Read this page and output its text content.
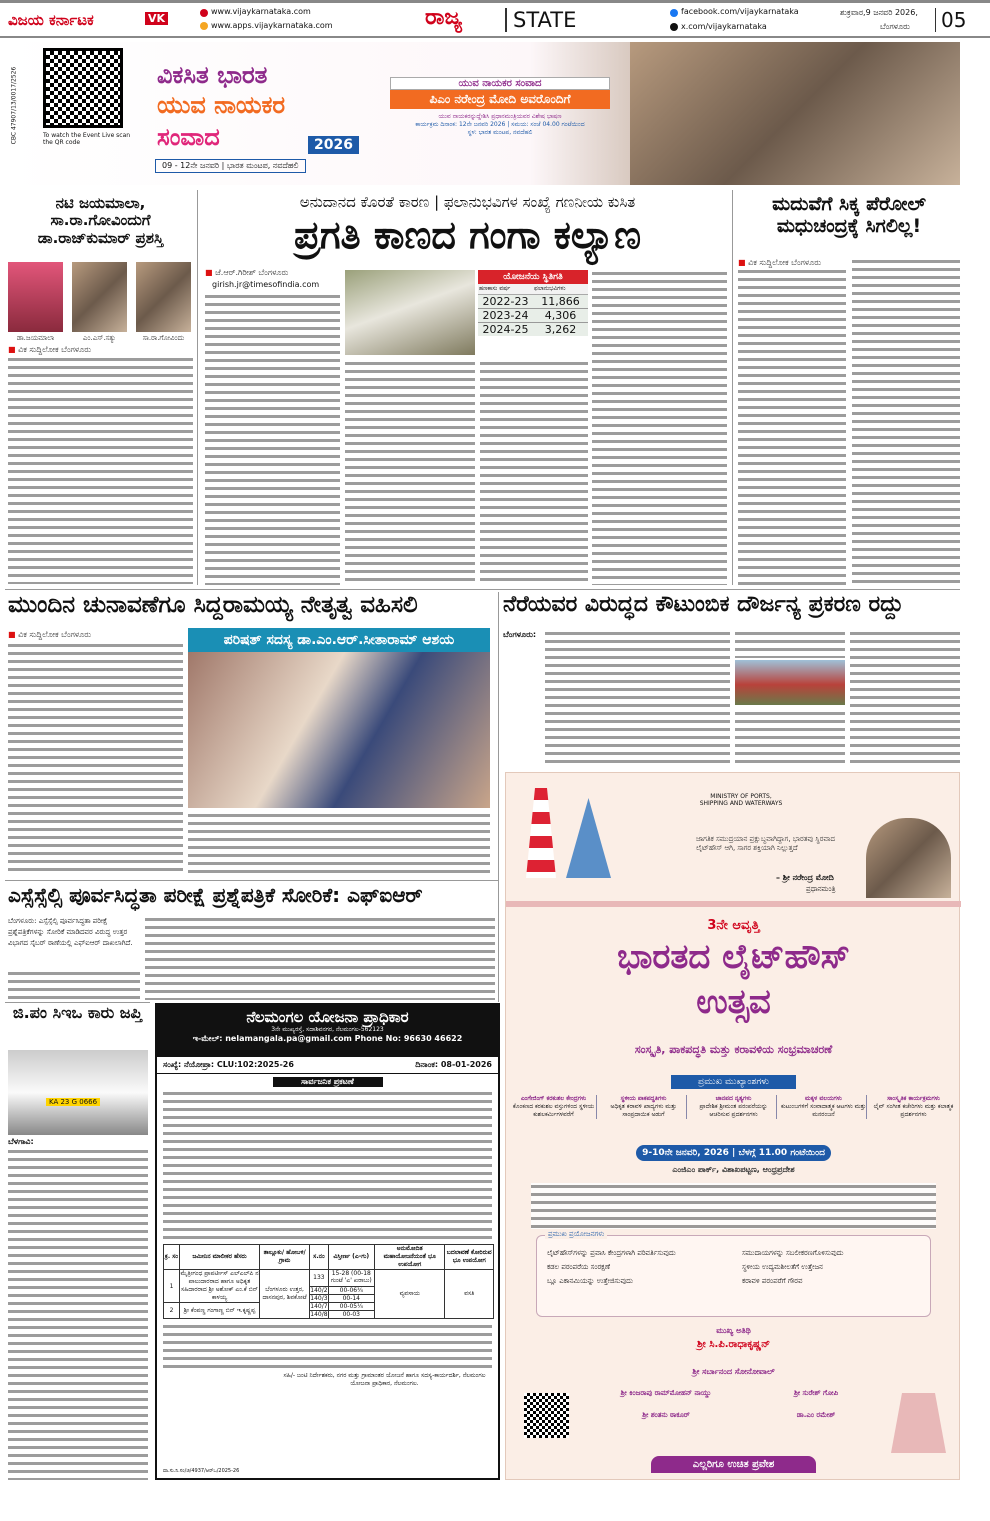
ವಿಜಯ ಕರ್ನಾಟಕ	VK
www.vijaykarnataka.com
www.apps.vijaykarnataka.com	ರಾಜ್ಯ	STATE	facebook.com/vijaykarnataka
x.com/vijaykarnataka
ಶುಕ್ರವಾರ,9 ಜನವರಿ 2026,
ಬೆಂಗಳೂರು	05
To watch the Event Live scan the QR code
CBC 47907/13/0017/2526	ವಿಕಸಿತ ಭಾರತ
ಯುವ ನಾಯಕರ
ಸಂವಾದ	2026
09 - 12ನೇ ಜನವರಿ | ಭಾರತ ಮಂಟಪ, ನವದೆಹಲಿ
ಯುವ ನಾಯಕರ ಸಂವಾದ
ಪಿಎಂ ನರೇಂದ್ರ ಮೋದಿ ಅವರೊಂದಿಗೆ
ಯುವ ನಾಯಕರನ್ನುದ್ದೇಶಿಸಿ ಪ್ರಧಾನಮಂತ್ರಿಯವರ ವಿಶೇಷ ಭಾಷಣ
ಕಾರ್ಯಕ್ರಮ ದಿನಾಂಕ: 12ನೇ ಜನವರಿ 2026 | ಸಮಯ: ಸಂಜೆ 04.00 ಗಂಟೆಯಿಂದ
ಸ್ಥಳ: ಭಾರತ ಮಂಟಪ, ನವದೆಹಲಿ
ನಟಿ ಜಯಮಾಲಾ, ಸಾ.ರಾ.ಗೋವಿಂದುಗೆ ಡಾ.ರಾಜ್‌ಕುಮಾರ್ ಪ್ರಶಸ್ತಿ
ಡಾ.ಜಯಮಾಲಾ	ಎಂ.ಎಸ್.ಸತ್ಯು	ಸಾ.ರಾ.ಗೋವಿಂದು
■ ವಿಕ ಸುದ್ದಿಲೋಕ ಬೆಂಗಳೂರು
ಅನುದಾನದ ಕೊರತೆ ಕಾರಣ | ಫಲಾನುಭವಿಗಳ ಸಂಖ್ಯೆ ಗಣನೀಯ ಕುಸಿತ
ಪ್ರಗತಿ ಕಾಣದ ಗಂಗಾ ಕಲ್ಯಾಣ
■ ಜೆ.ಆರ್.ಗಿರೀಶ್ ಬೆಂಗಳೂರು
girish.jr@timesofindia.com
ಯೋಜನೆಯ ಸ್ಥಿತಿಗತಿ
ಹಣಕಾಸು ವರ್ಷ	ಫಲಾನುಭವಿಗಳು
2022-23	11,866
2023-24	4,306
2024-25	3,262
ಮದುವೆಗೆ ಸಿಕ್ಕ ಪೆರೋಲ್ ಮಧುಚಂದ್ರಕ್ಕೆ ಸಿಗಲಿಲ್ಲ!
■ ವಿಕ ಸುದ್ದಿಲೋಕ ಬೆಂಗಳೂರು
ಮುಂದಿನ ಚುನಾವಣೆಗೂ ಸಿದ್ದರಾಮಯ್ಯ ನೇತೃತ್ವ ವಹಿಸಲಿ
■ ವಿಕ ಸುದ್ದಿಲೋಕ ಬೆಂಗಳೂರು	ಪರಿಷತ್ ಸದಸ್ಯ ಡಾ.ಎಂ.ಆರ್.ಸೀತಾರಾಮ್ ಆಶಯ
ನೆರೆಯವರ ವಿರುದ್ಧದ ಕೌಟುಂಬಿಕ ದೌರ್ಜನ್ಯ ಪ್ರಕರಣ ರದ್ದು
ಬೆಂಗಳೂರು:
MINISTRY OF PORTS, SHIPPING AND WATERWAYS
ಜಾಗತಿಕ ಸಮುದ್ರಯಾನ ಪ್ರಕ್ಷುಬ್ಧವಾಗಿದ್ದಾಗ, ಭಾರತವು ಸ್ಥಿರವಾದ ಲೈಟ್‌ಹೌಸ್ ಆಗಿ, ಸಾಗರ ಶಕ್ತಿಯಾಗಿ ನಿಲ್ಲುತ್ತದೆ
– ಶ್ರೀ ನರೇಂದ್ರ ಮೋದಿ
ಪ್ರಧಾನಮಂತ್ರಿ
3ನೇ ಆವೃತ್ತಿ
ಭಾರತದ ಲೈಟ್‌ಹೌಸ್
ಉತ್ಸವ
ಸಂಸ್ಕೃತಿ, ಪಾಕಪದ್ಧತಿ ಮತ್ತು ಕರಾವಳಿಯ ಸಂಭ್ರಮಾಚರಣೆ
ಪ್ರಮುಖ ಮುಖ್ಯಾಂಶಗಳು
ಎಂಗೇಜಿಂಗ್ ಕರಕುಶಲ ಕೇಂದ್ರಗಳು
ಕೊಂಕಣದ ಕರಕುಶಲ ವಸ್ತುಗಳಿಂದ ಸ್ಥಳೀಯ ಕುಶಲಕರ್ಮಿಗಳವರೆಗೆ
ಸ್ಥಳೀಯ ಪಾಕಪದ್ಧತಿಗಳು
ಅಧಿಕೃತ ಕರಾವಳಿ ಖಾದ್ಯಗಳು ಮತ್ತು ಸಾಂಪ್ರದಾಯಿಕ ಅಡುಗೆ
ಜಾನಪದ ನೃತ್ಯಗಳು
ಪ್ರಾದೇಶಿಕ ಶ್ರೀಮಂತ ಪರಂಪರೆಯನ್ನು ಆಚರಿಸುವ ಪ್ರದರ್ಶನಗಳು
ಮಕ್ಕಳ ವಲಯಗಳು
ಕುಟುಂಬಗಳಿಗೆ ಸಂವಾದಾತ್ಮಕ ಆಟಗಳು ಮತ್ತು ಮನರಂಜನೆ
ಸಾಂಸ್ಕೃತಿಕ ಕಾರ್ಯಕ್ರಮಗಳು
ಲೈವ್ ಸಂಗೀತ ಕಚೇರಿಗಳು ಮತ್ತು ಕಲಾತ್ಮಕ ಪ್ರದರ್ಶನಗಳು
9-10ನೇ ಜನವರಿ, 2026 | ಬೆಳಗ್ಗೆ 11.00 ಗಂಟೆಯಿಂದ
ಎಂಜಿಎಂ ಪಾರ್ಕ್, ವಿಶಾಖಪಟ್ಟಣ, ಆಂಧ್ರಪ್ರದೇಶ
ಪ್ರಮುಖ ಪ್ರಯೋಜನಗಳು
ಲೈಟ್‌ಹೌಸ್‌ಗಳನ್ನು ಪ್ರವಾಸಿ ಕೇಂದ್ರಗಳಾಗಿ ಪರಿವರ್ತಿಸುವುದು
ಕಡಲ ಪರಂಪರೆಯ ಸಂರಕ್ಷಣೆ
ಬ್ಲೂ ಎಕಾನಮಿಯನ್ನು ಉತ್ತೇಜಿಸುವುದು
ಸಮುದಾಯಗಳನ್ನು ಸಬಲೀಕರಣಗೊಳಿಸುವುದು
ಸ್ಥಳೀಯ ಉದ್ಯಮಶೀಲತೆಗೆ ಉತ್ತೇಜನ
ಕರಾವಳಿ ಪರಂಪರೆಗೆ ಗೌರವ
ಮುಖ್ಯ ಅತಿಥಿ
ಶ್ರೀ ಸಿ.ಪಿ.ರಾಧಾಕೃಷ್ಣನ್
ಶ್ರೀ ಸರ್ಬಾನಂದ ಸೋನೋವಾಲ್
ಶ್ರೀ ಕಿಂಜರಾಪು ರಾಮ್‌ಮೋಹನ್ ನಾಯ್ಡು	ಶ್ರೀ ಸುರೇಶ್ ಗೋಪಿ
ಶ್ರೀ ಶಂತನು ಠಾಕೂರ್	ಡಾ.ಎಂ ರಮೇಶ್
ಎಲ್ಲರಿಗೂ ಉಚಿತ ಪ್ರವೇಶ
ಎಸ್ಸೆಸ್ಸೆಲ್ಸಿ ಪೂರ್ವಸಿದ್ಧತಾ ಪರೀಕ್ಷೆ ಪ್ರಶ್ನೆಪತ್ರಿಕೆ ಸೋರಿಕೆ: ಎಫ್‌ಐಆರ್
ಬೆಂಗಳೂರು: ಎಸ್ಸೆಸ್ಸೆಲ್ಸಿ ಪೂರ್ವಸಿದ್ಧತಾ ಪರೀಕ್ಷೆ ಪ್ರಶ್ನೆಪತ್ರಿಕೆಗಳನ್ನು ಸೋರಿಕೆ ಮಾಡಿದವರ ವಿರುದ್ಧ ಉತ್ತರ ವಿಭಾಗದ ಸೈಬರ್ ಠಾಣೆಯಲ್ಲಿ ಎಫ್‌ಐಆರ್ ದಾಖಲಾಗಿದೆ.
ಜಿ.ಪಂ ಸಿಇಒ ಕಾರು ಜಪ್ತಿ
KA 23 G 0666
ಬೆಳಗಾವಿ:
ನೆಲಮಂಗಲ ಯೋಜನಾ ಪ್ರಾಧಿಕಾರ
3ನೇ ಮುಖ್ಯರಸ್ತೆ, ಸದಾಶಿವನಗರ, ನೆಲಮಂಗಲ-562123
ಇ-ಮೇಲ್: nelamangala.pa@gmail.com Phone No: 96630 46622
ಸಂಖ್ಯೆ: ನೆಯೋಪ್ರಾ: CLU:102:2025-26	ದಿನಾಂಕ: 08-01-2026
ಸಾರ್ವಜನಿಕ ಪ್ರಕಟಣೆ
ಕ್ರ. ಸಂ	ಜಮೀನಿನ ಮಾಲೀಕರ ಹೆಸರು	ತಾಲ್ಲೂಕು/ ಹೋಬಳಿ/ಗ್ರಾಮ	ಸ.ನಂ	ವಿಸ್ತೀರ್ಣ (ಎ-ಗು)	ಅನುಮೋದಿತ ಮಹಾಯೋಜನೆಯಂತೆ ಭೂ ಉಪಯೋಗ	ಬದಲಾವಣೆ ಕೋರಿರುವ ಭೂ ಉಪಯೋಗ
1	ಮೈತ್ರೀಗಂಧ ಪ್ರಾಪರ್ಟೀಸ್ ಎಲ್‌ಎಲ್‌ಪಿ ನ ಪಾಲುದಾರರಾದ ಹಾಗೂ ಅಧಿಕೃತ ಸಹಿದಾರರಾದ ಶ್ರೀ ಅಶೋಕ್ ಎಂ.ಕೆ ಬಿನ್ ಕಾಳಯ್ಯ	ಬೆಂಗಳೂರು ಉತ್ತರ, ದಾಸನಪುರ, ಶಿವಕೋಟೆ	133	15-28 (00-18 ಗುಂಟೆ 'ಎ' ಖರಾಬು)	ವ್ಯವಸಾಯ	ವಸತಿ
			140/2	00-06¾		
			140/3	00-14		
2	ಶ್ರೀ ಕೆಂಪಣ್ಣ ಗಂಗಾಣ್ಣ ಬಿನ್ ಇ.ಕೃಷ್ಣಪ್ಪ		140/7	00-05¼		
			140/8	00-03		
ಸಹಿ/- ಜಂಟಿ ನಿರ್ದೇಶಕರು, ನಗರ ಮತ್ತು ಗ್ರಾಮಾಂತರ ಯೋಜನೆ ಹಾಗೂ ಸದಸ್ಯ-ಕಾರ್ಯದರ್ಶಿ, ನೆಲಮಂಗಲ ಯೋಜನಾ ಪ್ರಾಧಿಕಾರ, ನೆಲಮಂಗಲ.
ವಾ.ಸು.ನಿ.ಸಂ/ಜಿ/4937/ಆರ್‌ಒ/2025-26
